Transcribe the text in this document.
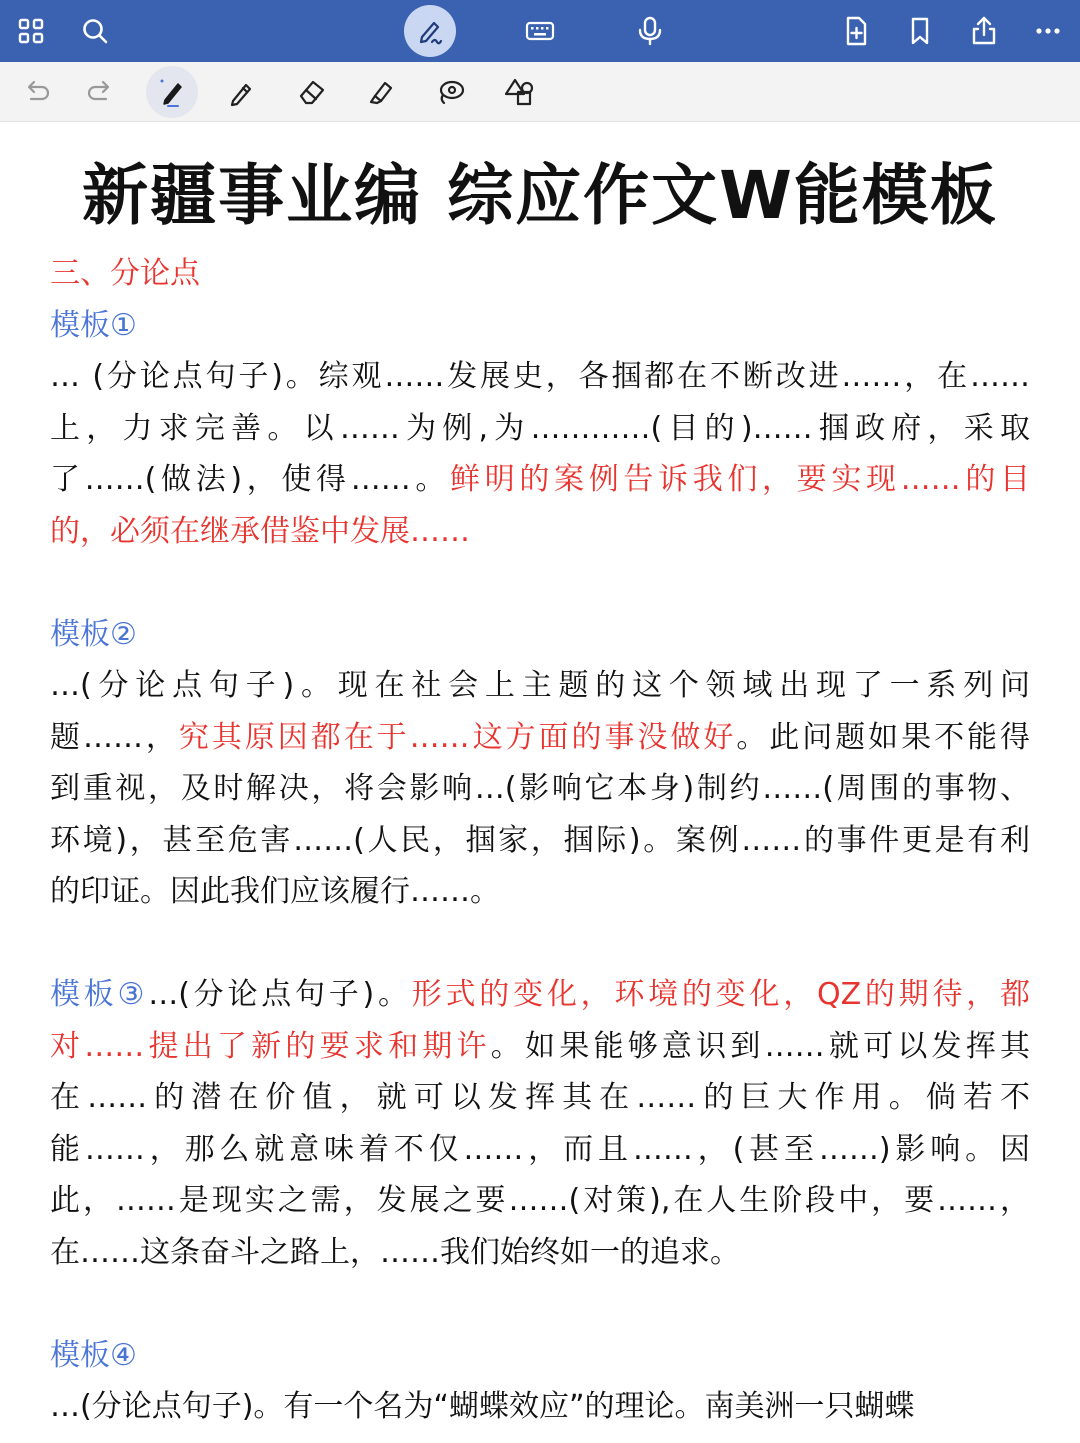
新疆事业编 综应作文W能模板
三、分论点
模板①
… (分论点句子)。综观……发展史，各掴都在不断改进……，在……
上，力求完善。以……为例,为…………(目的)……掴政府，采取
了……(做法)，使得……。鲜明的案例告诉我们，要实现……的目
的，必须在继承借鉴中发展……
模板②
…(分论点句子)。现在社会上主题的这个领域出现了一系列问
题……，究其原因都在于……这方面的事没做好。此问题如果不能得
到重视，及时解决，将会影响…(影响它本身)制约……(周围的事物、
环境)，甚至危害……(人民，掴家，掴际)。案例……的事件更是有利
的印证。因此我们应该履行……。
模板③…(分论点句子)。形式的变化，环境的变化，QZ的期待，都
对……提出了新的要求和期许。如果能够意识到……就可以发挥其
在……的潜在价值，就可以发挥其在……的巨大作用。倘若不
能……，那么就意味着不仅……，而且……，(甚至……)影响。因
此，……是现实之需，发展之要……(对策),在人生阶段中，要……，
在……这条奋斗之路上，……我们始终如一的追求。
模板④
…(分论点句子)。有一个名为“蝴蝶效应”的理论。南美洲一只蝴蝶
